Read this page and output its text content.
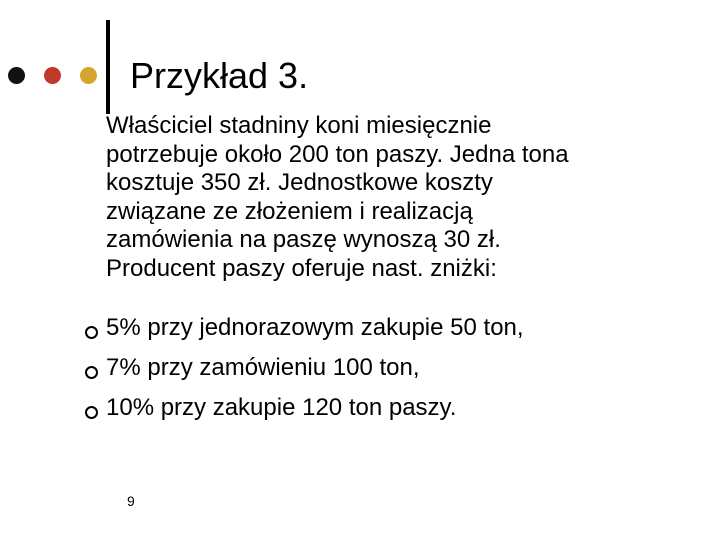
Przykład 3.
Właściciel stadniny koni miesięcznie
potrzebuje około 200 ton paszy. Jedna tona
kosztuje 350 zł. Jednostkowe koszty
związane ze złożeniem i realizacją
zamówienia na paszę wynoszą 30 zł.
Producent paszy oferuje nast. zniżki:
5% przy jednorazowym zakupie 50 ton,
7% przy zamówieniu 100 ton,
10% przy zakupie 120 ton paszy.
9
